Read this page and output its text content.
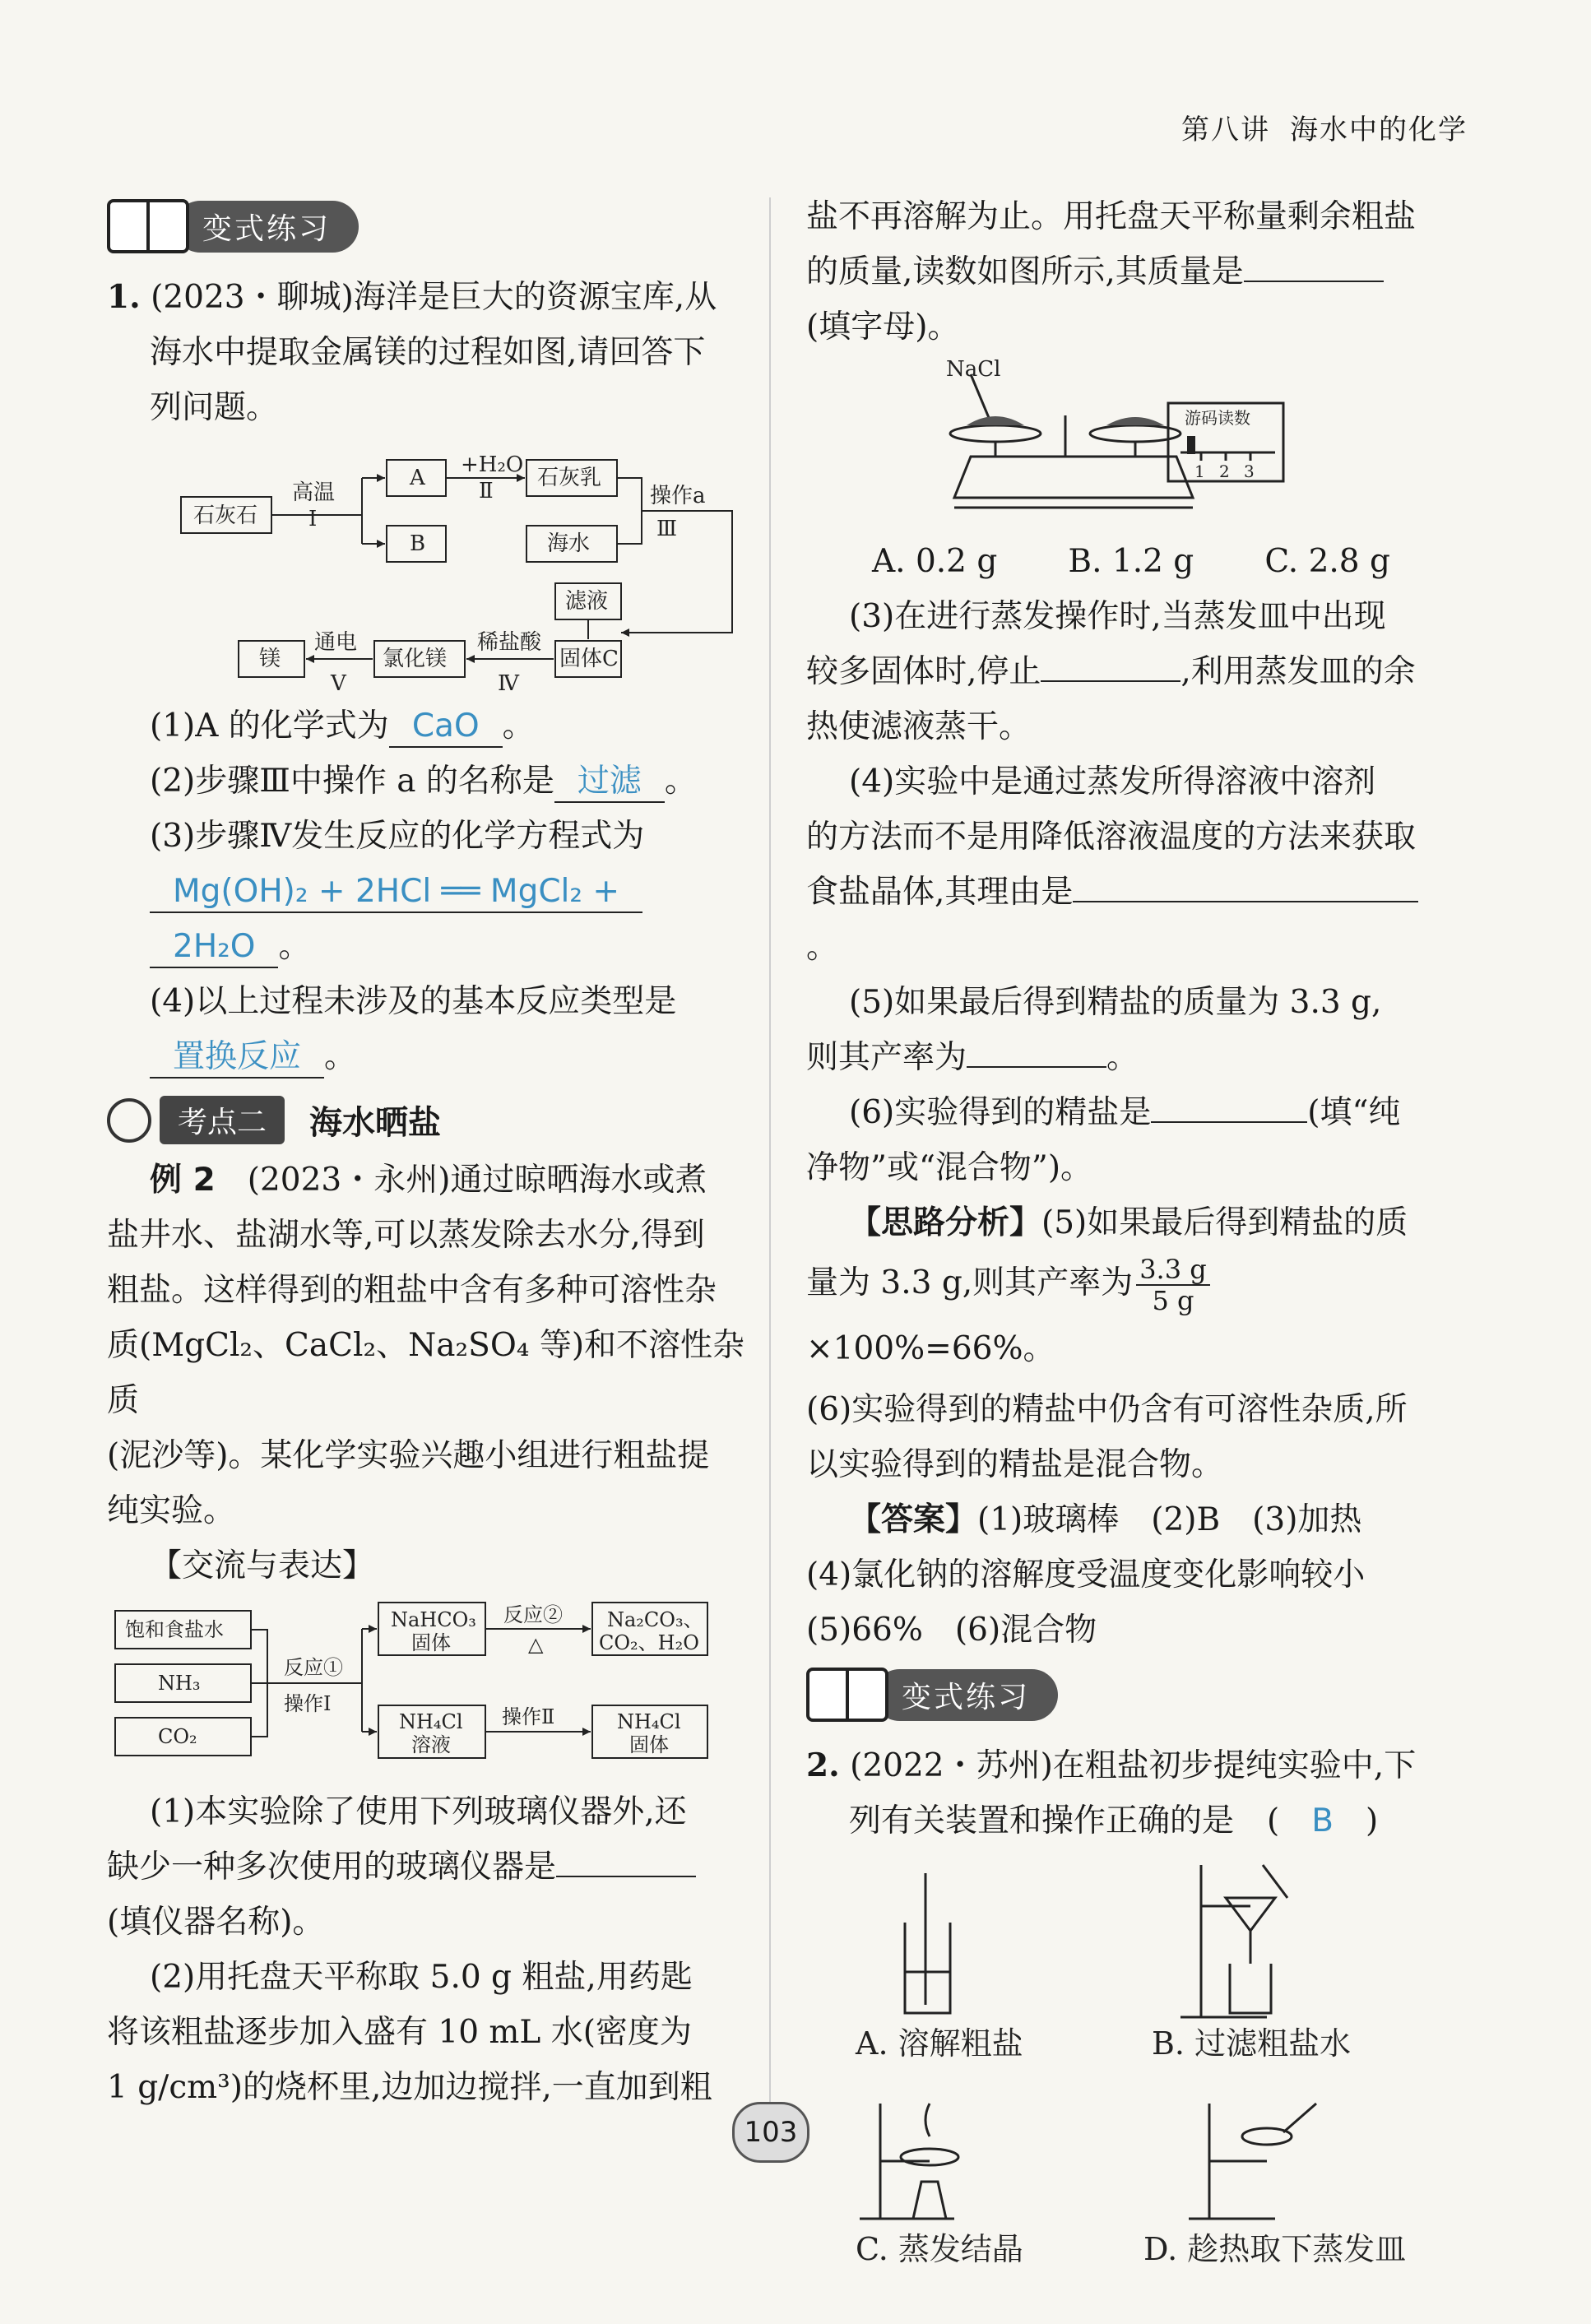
第八讲 海水中的化学
变式练习

1. (2023・聊城)海洋是巨大的资源宝库,从

海水中提取金属镁的过程如图,请回答下

列问题。

石灰石
高温
Ⅰ
A
B
+H₂O
Ⅱ
石灰乳
海水
操作a
Ⅲ
滤液
固体C
稀盐酸
Ⅳ
氯化镁
通电
Ⅴ
镁

(1)A 的化学式为 CaO 。

(2)步骤Ⅲ中操作 a 的名称是 过滤 。

(3)步骤Ⅳ发生反应的化学方程式为

Mg(OH)₂ + 2HCl ══ MgCl₂ +

2H₂O 。

(4)以上过程未涉及的基本反应类型是

置换反应 。

考点二	海水晒盐

例 2　 (2023・永州)通过晾晒海水或煮

盐井水、盐湖水等,可以蒸发除去水分,得到

粗盐。这样得到的粗盐中含有多种可溶性杂

质(MgCl₂、CaCl₂、Na₂SO₄ 等)和不溶性杂质

(泥沙等)。某化学实验兴趣小组进行粗盐提

纯实验。

【交流与表达】

饱和食盐水
NH₃
CO₂
反应①
操作Ⅰ
NaHCO₃
固体
反应②
△
Na₂CO₃、
CO₂、H₂O
NH₄Cl
溶液
操作Ⅱ	NH₄Cl
固体

(1)本实验除了使用下列玻璃仪器外,还

缺少一种多次使用的玻璃仪器是

(填仪器名称)。

(2)用托盘天平称取 5.0 g 粗盐,用药匙

将该粗盐逐步加入盛有 10 mL 水(密度为

1 g/cm³)的烧杯里,边加边搅拌,一直加到粗

盐不再溶解为止。用托盘天平称量剩余粗盐

的质量,读数如图所示,其质量是

(填字母)。

NaCl
游码读数
1 2 3
A. 0.2 g B. 1.2 g C. 2.8 g

(3)在进行蒸发操作时,当蒸发皿中出现

较多固体时,停止	,利用蒸发皿的余

热使滤液蒸干。

(4)实验中是通过蒸发所得溶液中溶剂

的方法而不是用降低溶液温度的方法来获取

食盐晶体,其理由是。

(5)如果最后得到精盐的质量为 3.3 g,

则其产率为	。

(6)实验得到的精盐是	(填“纯

净物”或“混合物”)。

【思路分析】(5)如果最后得到精盐的质

量为 3.3 g,则其产率为 $\frac{3.3 g}{5 g}$
×100%=66%。

(6)实验得到的精盐中仍含有可溶性杂质,所

以实验得到的精盐是混合物。

【答案】(1)玻璃棒　(2)B　(3)加热

(4)氯化钠的溶解度受温度变化影响较小

(5)66%　(6)混合物

变式练习

2. (2022・苏州)在粗盐初步提纯实验中,下

列有关装置和操作正确的是 (　B　)

A. 溶解粗盐	B. 过滤粗盐水
C. 蒸发结晶	D. 趁热取下蒸发皿
103
